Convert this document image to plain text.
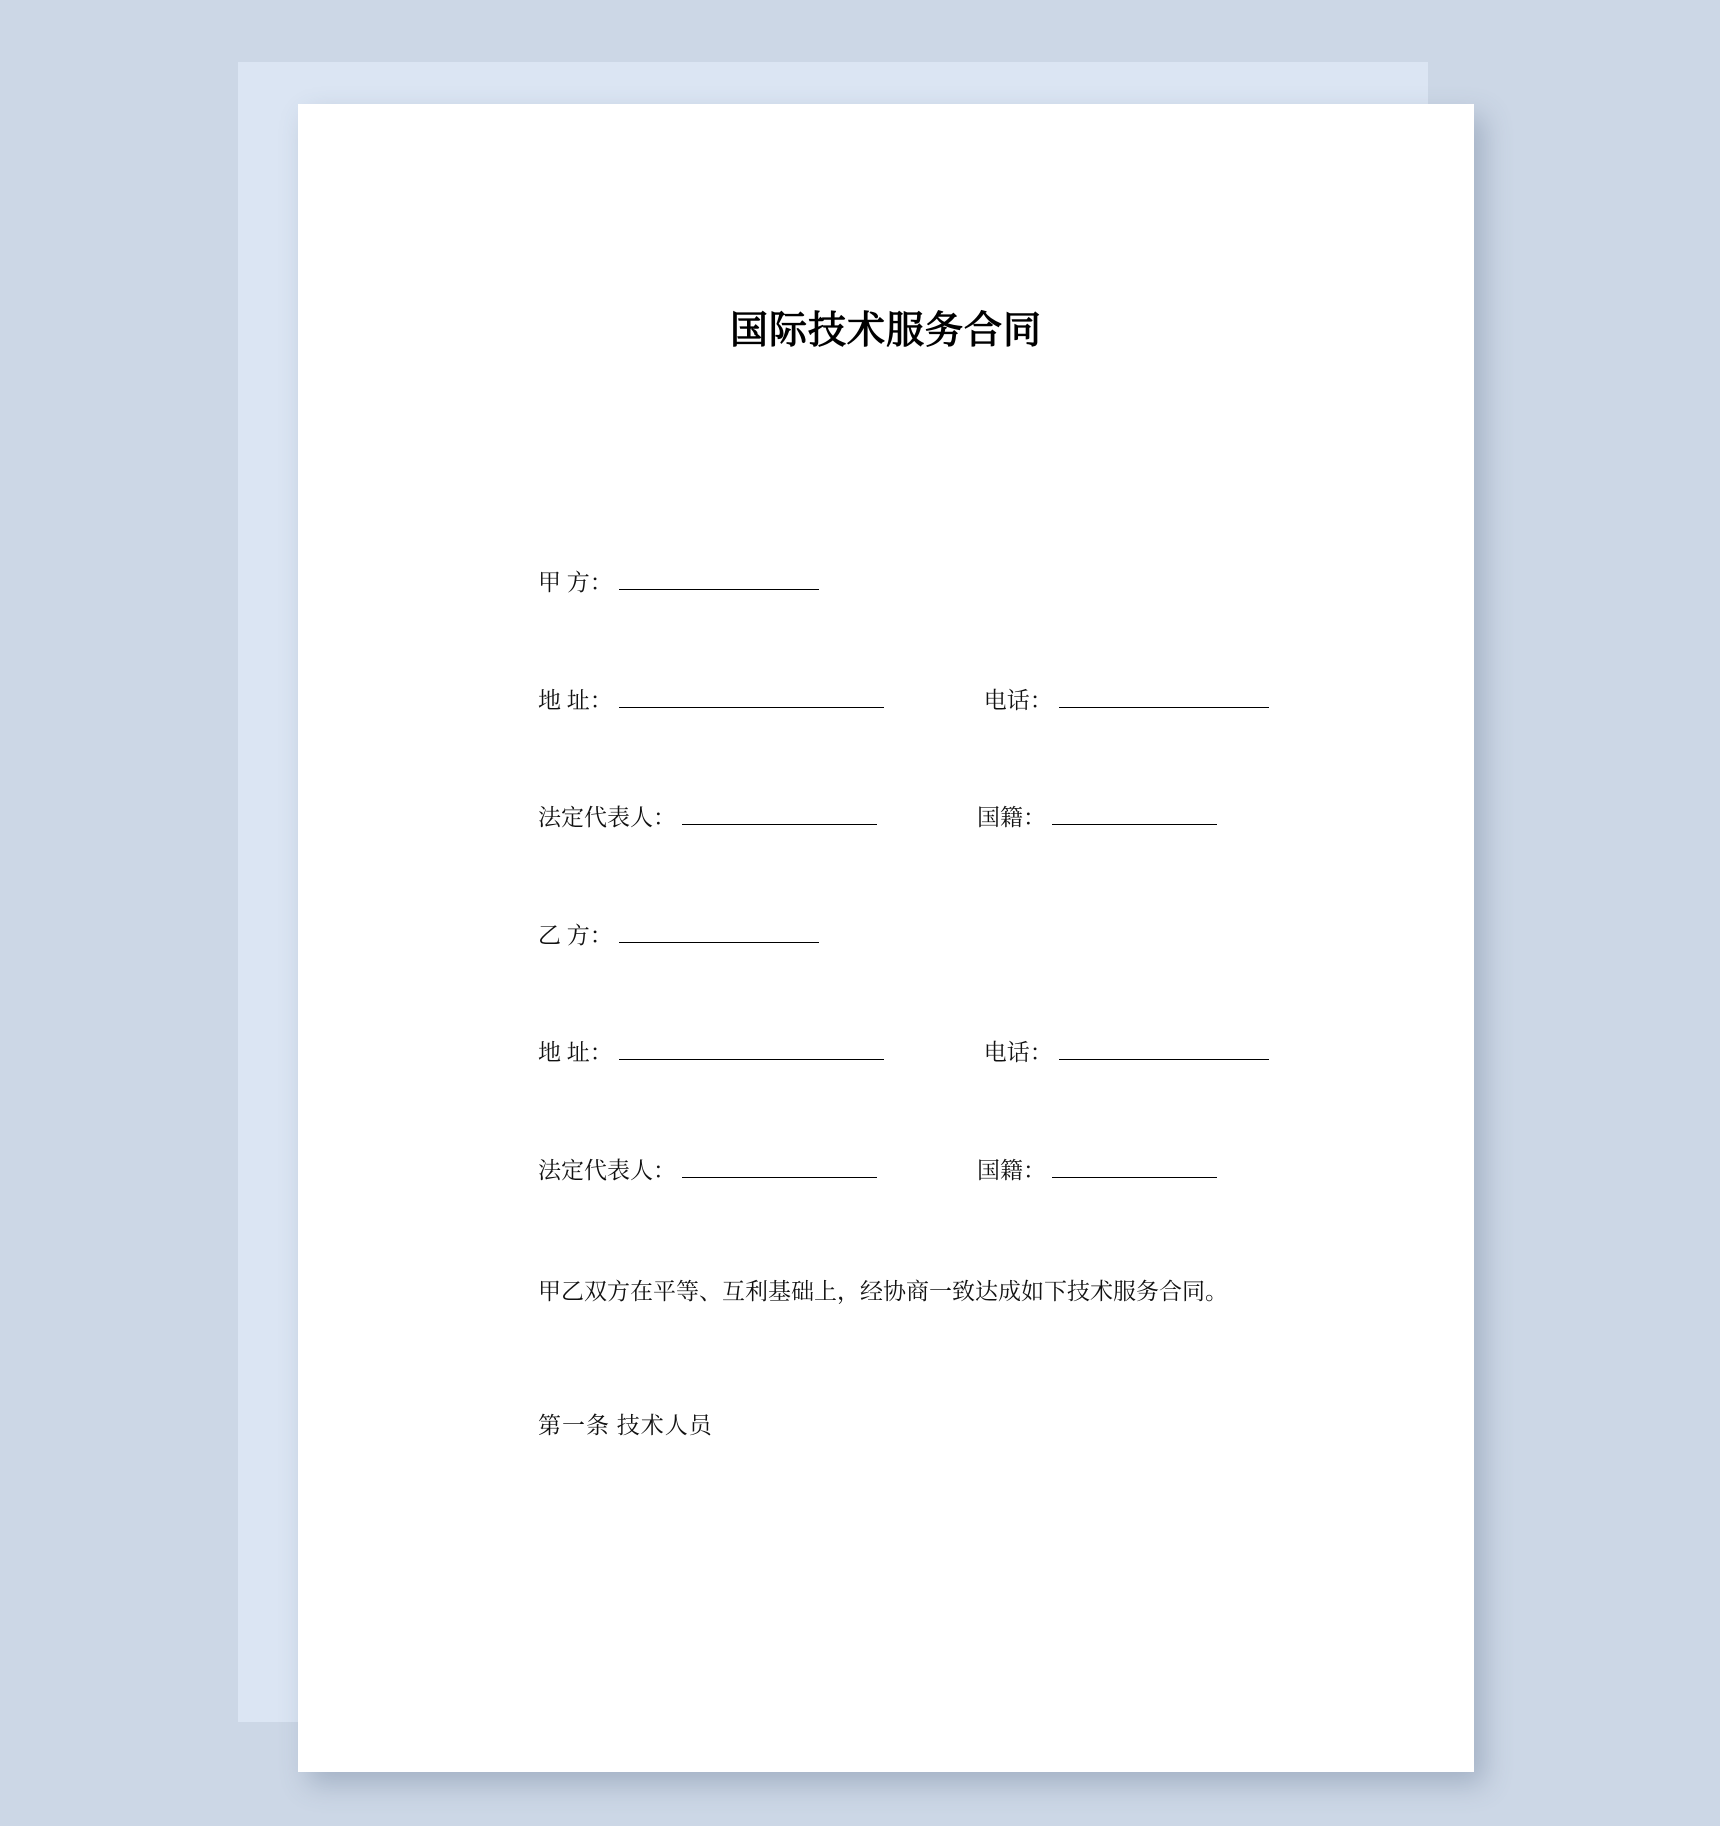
国际技术服务合同
甲 方：
地 址：	电话：
法定代表人：	国籍：
乙 方：
地 址：	电话：
法定代表人：	国籍：
甲乙双方在平等、互利基础上，经协商一致达成如下技术服务合同。
第一条 技术人员
